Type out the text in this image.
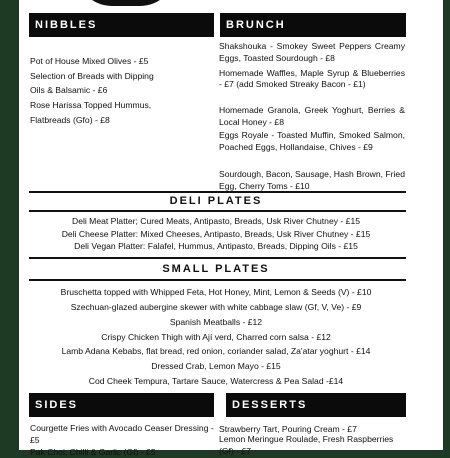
NIBBLES
Pot of House Mixed Olives - £5
Selection of Breads with Dipping
Oils & Balsamic - £6
Rose Harissa Topped Hummus,
Flatbreads (Gfo) - £8
BRUNCH
Shakshouka - Smokey Sweet Peppers Creamy Eggs, Toasted Sourdough - £8
Homemade Waffles, Maple Syrup & Blueberries - £7 (add Smoked Streaky Bacon - £1)
Homemade Granola, Greek Yoghurt, Berries & Local Honey - £8
Eggs Royale - Toasted Muffin, Smoked Salmon, Poached Eggs, Hollandaise, Chives - £9
Sourdough, Bacon, Sausage, Hash Brown, Fried Egg, Cherry Toms - £10
DELI PLATES
Deli Meat Platter; Cured Meats, Antipasto, Breads, Usk River Chutney - £15
Deli Cheese Platter: Mixed Cheeses, Antipasto, Breads, Usk River Chutney - £15
Deli Vegan Platter: Falafel, Hummus, Antipasto, Breads, Dipping Oils - £15
SMALL PLATES
Bruschetta topped with Whipped Feta, Hot Honey, Mint, Lemon & Seeds (V) - £10
Szechuan-glazed aubergine skewer with white cabbage slaw (Gf, V, Ve) - £9
Spanish Meatballs - £12
Crispy Chicken Thigh with Ají verd, Charred corn salsa - £12
Lamb Adana Kebabs, flat bread, red onion, coriander salad, Za'atar yoghurt - £14
Dressed Crab, Lemon Mayo - £15
Cod Cheek Tempura, Tartare Sauce, Watercress & Pea Salad -£14
SIDES
Courgette Fries with Avocado Ceaser Dressing - £5
Pak Choi, Chilli & Garlic (Gf) - £5
DESSERTS
Strawberry Tart, Pouring Cream - £7
Lemon Meringue Roulade, Fresh Raspberries (Gf) - £7
